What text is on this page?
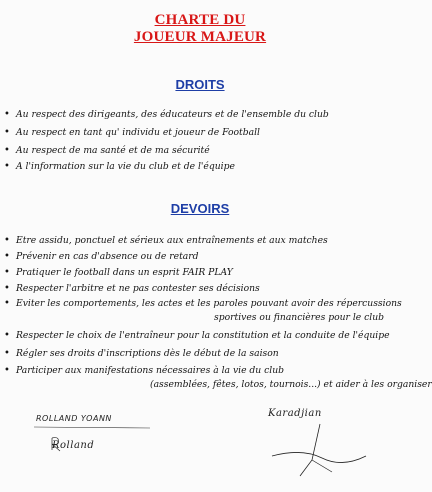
CHARTE DU
JOUEUR MAJEUR
DROITS
• Au respect des dirigeants, des éducateurs et de l'ensemble du club
• Au respect en tant qu' individu et joueur de Football
• Au respect de ma santé et de ma sécurité
• A l'information sur la vie du club et de l'équipe
DEVOIRS
• Etre assidu, ponctuel et sérieux aux entraînements et aux matches
• Prévenir en cas d'absence ou de retard
• Pratiquer le football dans un esprit FAIR PLAY
• Respecter l'arbitre et ne pas contester ses décisions
• Eviter les comportements, les actes et les paroles pouvant avoir des répercussions
sportives ou financières pour le club
• Respecter le choix de l'entraîneur pour la constitution et la conduite de l'équipe
• Régler ses droits d'inscriptions dès le début de la saison
• Participer aux manifestations nécessaires à la vie du club
(assemblées, fêtes, lotos, tournois...) et aider à les organiser
ROLLAND YOANN
Rolland
Karadjian
